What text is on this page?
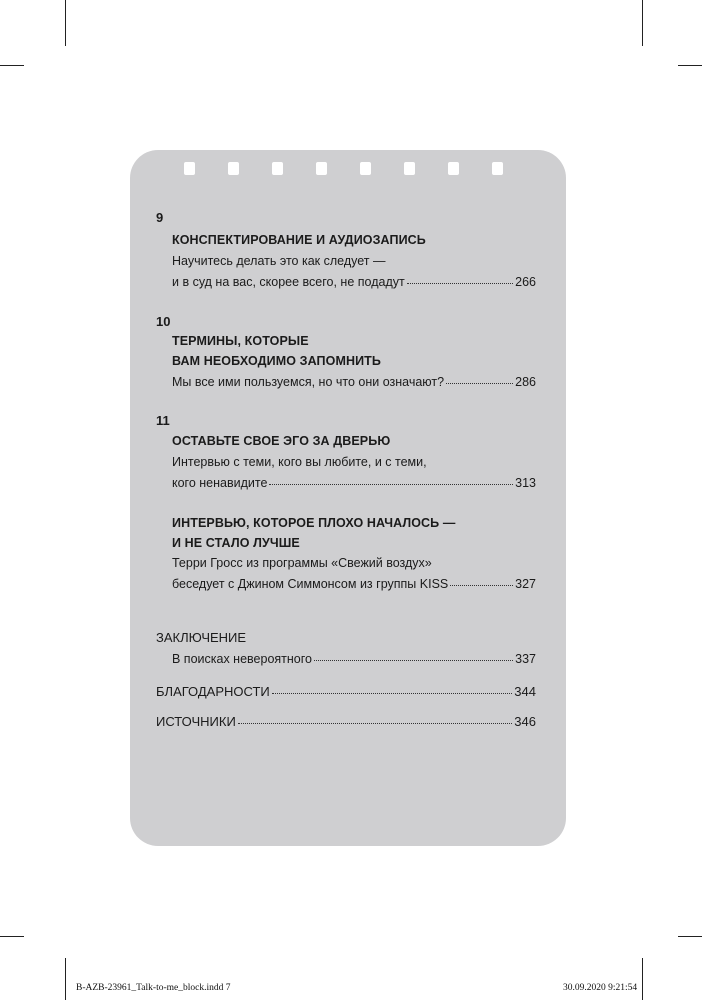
9
КОНСПЕКТИРОВАНИЕ И АУДИОЗАПИСЬ
Научитесь делать это как следует —
и в суд на вас, скорее всего, не подадут	266
10
ТЕРМИНЫ, КОТОРЫЕ
ВАМ НЕОБХОДИМО ЗАПОМНИТЬ
Мы все ими пользуемся, но что они означают?	286
11
ОСТАВЬТЕ СВОЕ ЭГО ЗА ДВЕРЬЮ
Интервью с теми, кого вы любите, и с теми,
кого ненавидите	313
ИНТЕРВЬЮ, КОТОРОЕ ПЛОХО НАЧАЛОСЬ —
И НЕ СТАЛО ЛУЧШЕ
Терри Гросс из программы «Свежий воздух»
беседует с Джином Симмонсом из группы KISS	327
ЗАКЛЮЧЕНИЕ
В поисках невероятного	337
БЛАГОДАРНОСТИ	344
ИСТОЧНИКИ	346
B-AZB-23961_Talk-to-me_block.indd 7	30.09.2020 9:21:54
